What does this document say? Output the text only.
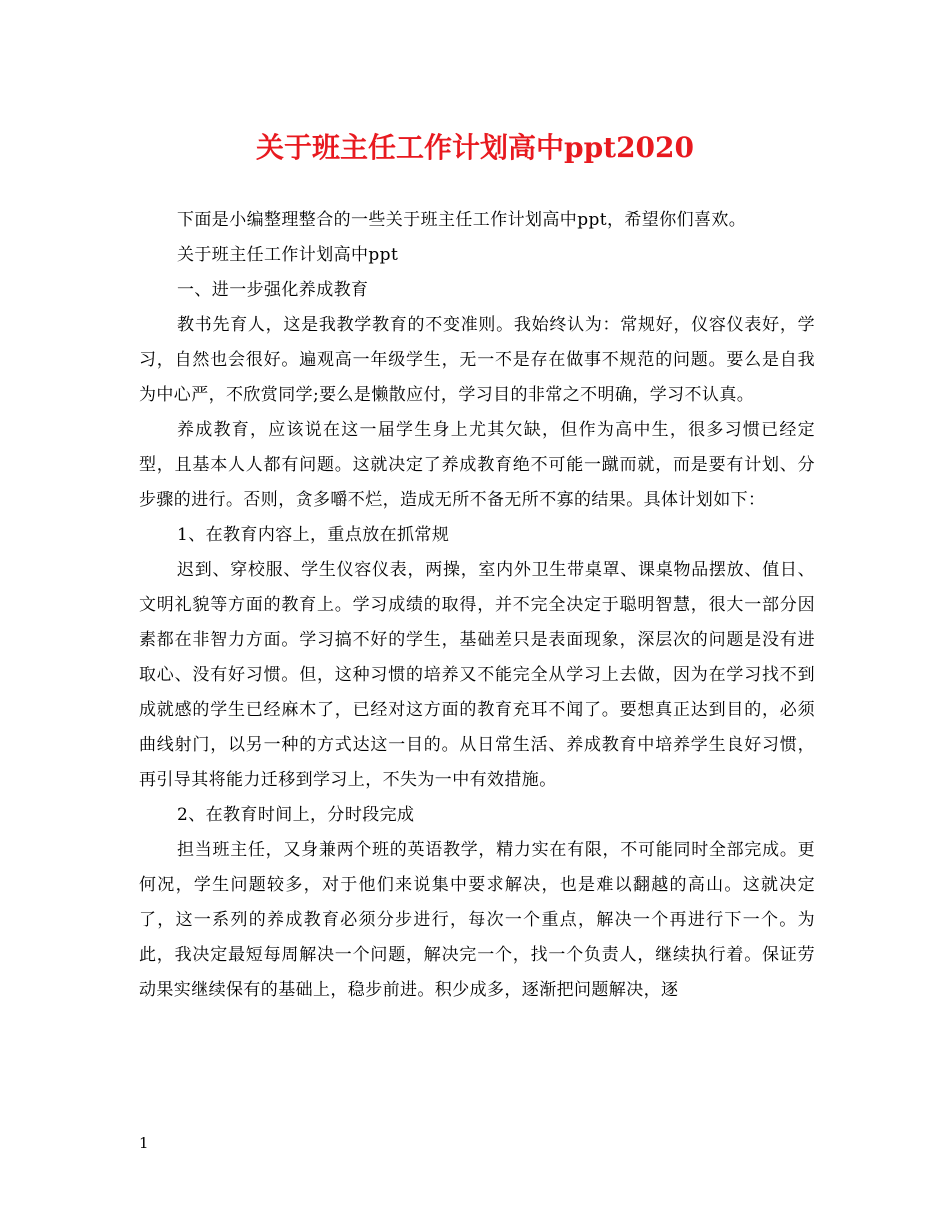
关于班主任工作计划高中ppt2020

下面是小编整理整合的一些关于班主任工作计划高中ppt，希望你们喜欢。

关于班主任工作计划高中ppt

一、进一步强化养成教育

教书先育人，这是我教学教育的不变准则。我始终认为：常规好，仪容仪表好，学习，自然也会很好。遍观高一年级学生，无一不是存在做事不规范的问题。要么是自我为中心严，不欣赏同学;要么是懒散应付，学习目的非常之不明确，学习不认真。

养成教育，应该说在这一届学生身上尤其欠缺，但作为高中生，很多习惯已经定型，且基本人人都有问题。这就决定了养成教育绝不可能一蹴而就，而是要有计划、分步骤的进行。否则，贪多嚼不烂，造成无所不备无所不寡的结果。具体计划如下：

1、在教育内容上，重点放在抓常规

迟到、穿校服、学生仪容仪表，两操，室内外卫生带桌罩、课桌物品摆放、值日、文明礼貌等方面的教育上。学习成绩的取得，并不完全决定于聪明智慧，很大一部分因素都在非智力方面。学习搞不好的学生，基础差只是表面现象，深层次的问题是没有进取心、没有好习惯。但，这种习惯的培养又不能完全从学习上去做，因为在学习找不到成就感的学生已经麻木了，已经对这方面的教育充耳不闻了。要想真正达到目的，必须曲线射门，以另一种的方式达这一目的。从日常生活、养成教育中培养学生良好习惯，再引导其将能力迁移到学习上，不失为一中有效措施。

2、在教育时间上，分时段完成

担当班主任，又身兼两个班的英语教学，精力实在有限，不可能同时全部完成。更何况，学生问题较多，对于他们来说集中要求解决，也是难以翻越的高山。这就决定了，这一系列的养成教育必须分步进行，每次一个重点，解决一个再进行下一个。为此，我决定最短每周解决一个问题，解决完一个，找一个负责人，继续执行着。保证劳动果实继续保有的基础上，稳步前进。积少成多，逐渐把问题解决，逐

1
